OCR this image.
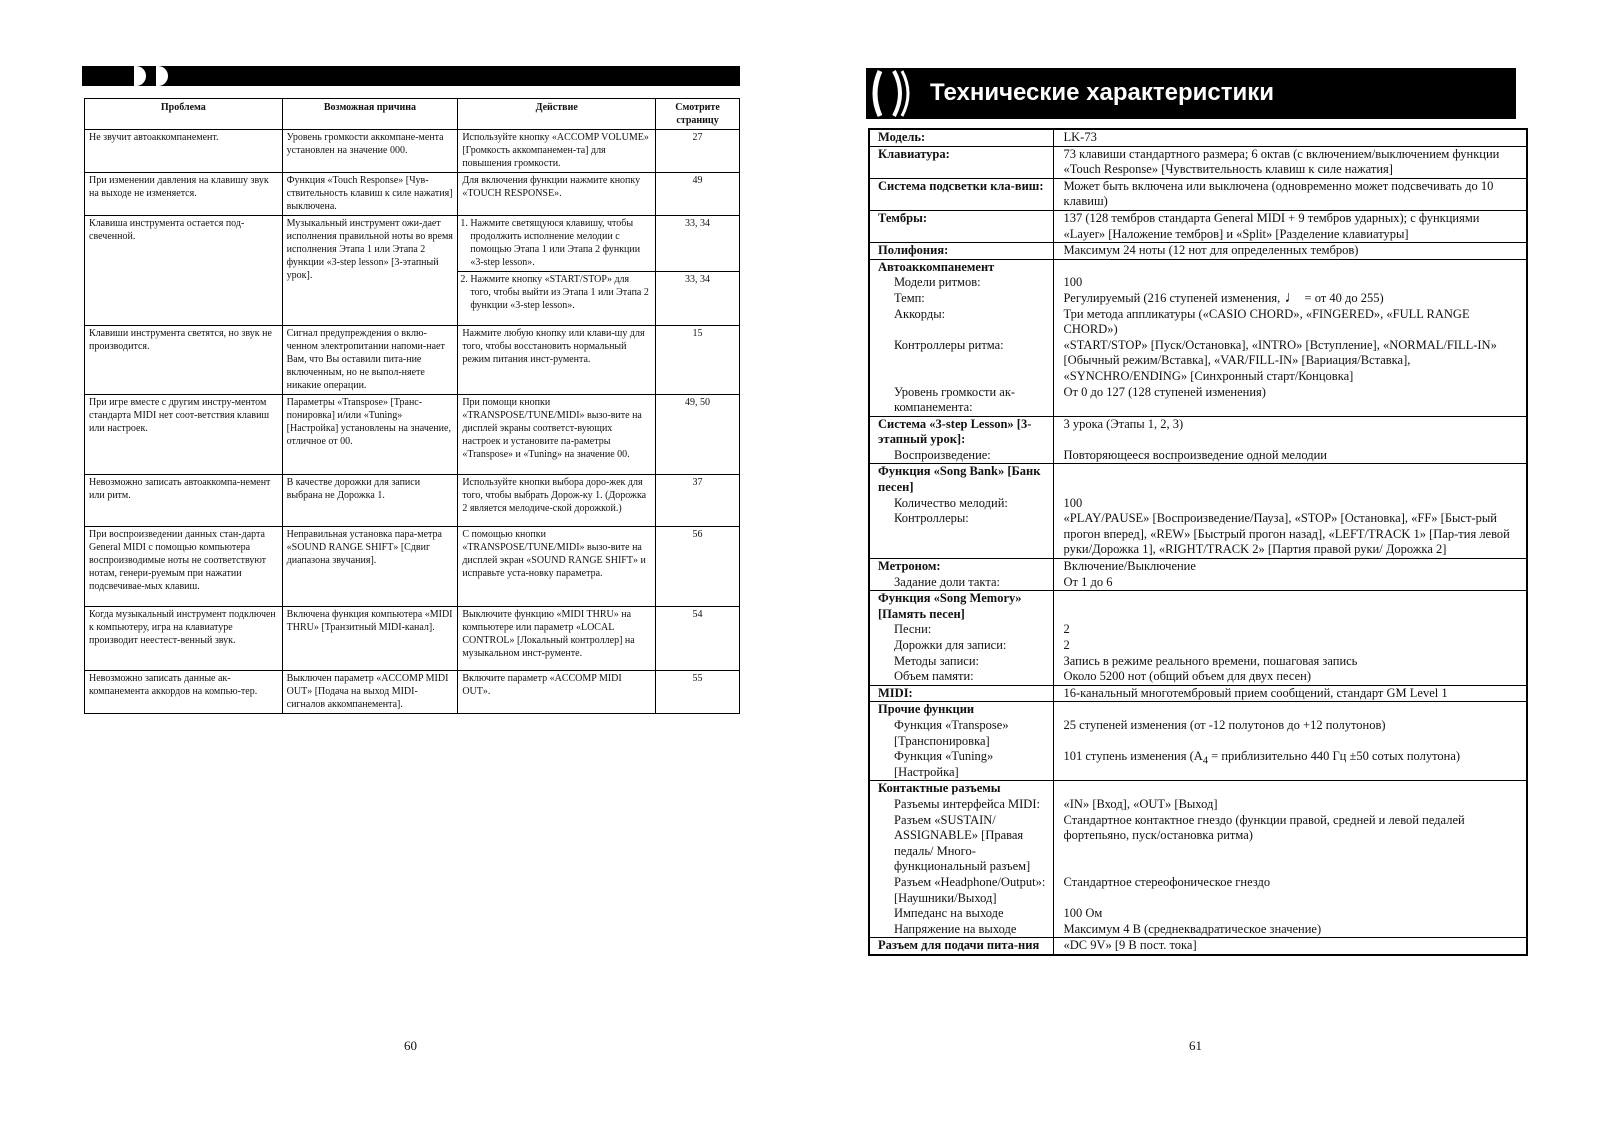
Проблема	Возможная причина	Действие	Смотрите страницу
Не звучит автоаккомпанемент.	Уровень громкости аккомпане-мента установлен на значение 000.	Используйте кнопку «ACCOMP VOLUME» [Громкость аккомпанемен-та] для повышения громкости.	27
При изменении давления на клавишу звук на выходе не изменяется.	Функция «Touch Response» [Чув-ствительность клавиш к силе нажатия] выключена.	Для включения функции нажмите кнопку «TOUCH RESPONSE».	49
Клавиша инструмента остается под-свеченной.	Музыкальный инструмент ожи-дает исполнения правильной ноты во время исполнения Этапа 1 или Этапа 2 функции «3-step lesson» [3-этапный урок].	1. Нажмите светящуюся клавишу, чтобы продолжить исполнение мелодии с помощью Этапа 1 или Этапа 2 функции «3-step lesson».	33, 34
		2. Нажмите кнопку «START/STOP» для того, чтобы выйти из Этапа 1 или Этапа 2 функции «3-step lesson».	33, 34
Клавиши инструмента светятся, но звук не производится.	Сигнал предупреждения о вклю-ченном электропитании напоми-нает Вам, что Вы оставили пита-ние включенным, но не выпол-няете никакие операции.	Нажмите любую кнопку или клави-шу для того, чтобы восстановить нормальный режим питания инст-румента.	15
При игре вместе с другим инстру-ментом стандарта MIDI нет соот-ветствия клавиш или настроек.	Параметры «Transpose» [Транс-понировка] и/или «Tuning» [Настройка] установлены на значение, отличное от 00.	При помощи кнопки «TRANSPOSE/TUNE/MIDI» вызо-вите на дисплей экраны соответст-вующих настроек и установите па-раметры «Transpose» и «Tuning» на значение 00.	49, 50
Невозможно записать автоаккомпа-немент или ритм.	В качестве дорожки для записи выбрана не Дорожка 1.	Используйте кнопки выбора доро-жек для того, чтобы выбрать Дорож-ку 1. (Дорожка 2 является мелодиче-ской дорожкой.)	37
При воспроизведении данных стан-дарта General MIDI с помощью компьютера воспроизводимые ноты не соответствуют нотам, генери-руемым при нажатии подсвечивае-мых клавиш.	Неправильная установка пара-метра «SOUND RANGE SHIFT» [Сдвиг диапазона звучания].	С помощью кнопки «TRANSPOSE/TUNE/MIDI» вызо-вите на дисплей экран «SOUND RANGE SHIFT» и исправьте уста-новку параметра.	56
Когда музыкальный инструмент подключен к компьютеру, игра на клавиатуре производит неестест-венный звук.	Включена функция компьютера «MIDI THRU» [Транзитный MIDI-канал].	Выключите функцию «MIDI THRU» на компьютере или параметр «LOCAL CONTROL» [Локальный контроллер] на музыкальном инст-рументе.	54
Невозможно записать данные ак-компанемента аккордов на компью-тер.	Выключен параметр «ACCOMP MIDI OUT» [Подача на выход MIDI-сигналов аккомпанемента].	Включите параметр «ACCOMP MIDI OUT».	55
60
Технические характеристики
Модель:	LK-73
Клавиатура:	73 клавиши стандартного размера; 6 октав (с включением/выключением функции «Touch Response» [Чувствительность клавиш к силе нажатия]
Система подсветки кла-виш:	Может быть включена или выключена (одновременно может подсвечивать до 10 клавиш)
Тембры:	137 (128 тембров стандарта General MIDI + 9 тембров ударных); с функциями «Layer» [Наложение тембров] и «Split» [Разделение клавиатуры]
Полифония:	Максимум 24 ноты (12 нот для определенных тембров)
Автоаккомпанемент	
Модели ритмов:	100
Темп:	Регулируемый (216 ступеней изменения, ♩ = от 40 до 255)
Аккорды:	Три метода аппликатуры («CASIO CHORD», «FINGERED», «FULL RANGE CHORD»)
Контроллеры ритма:	«START/STOP» [Пуск/Остановка], «INTRO» [Вступление], «NORMAL/FILL-IN» [Обычный режим/Вставка], «VAR/FILL-IN» [Вариация/Вставка], «SYNCHRO/ENDING» [Синхронный старт/Концовка]
Уровень громкости ак-компанемента:	От 0 до 127 (128 ступеней изменения)
Система «3-step Lesson» [3-этапный урок]:	3 урока (Этапы 1, 2, 3)
Воспроизведение:	Повторяющееся воспроизведение одной мелодии
Функция «Song Bank» [Банк песен]	
Количество мелодий:	100
Контроллеры:	«PLAY/PAUSE» [Воспроизведение/Пауза], «STOP» [Остановка], «FF» [Быст-рый прогон вперед], «REW» [Быстрый прогон назад], «LEFT/TRACK 1» [Пар-тия левой руки/Дорожка 1], «RIGHT/TRACK 2» [Партия правой руки/ Дорожка 2]
Метроном:	Включение/Выключение
Задание доли такта:	От 1 до 6
Функция «Song Memory» [Память песен]	
Песни:	2
Дорожки для записи:	2
Методы записи:	Запись в режиме реального времени, пошаговая запись
Объем памяти:	Около 5200 нот (общий объем для двух песен)
MIDI:	16-канальный многотембровый прием сообщений, стандарт GM Level 1
Прочие функции	
Функция «Transpose» [Транспонировка]	25 ступеней изменения (от -12 полутонов до +12 полутонов)
Функция «Tuning» [Настройка]	101 ступень изменения ($A_4$ = приблизительно 440 Гц ±50 сотых полутона)
Контактные разъемы	
Разъемы интерфейса MIDI:	«IN» [Вход], «OUT» [Выход]
Разъем «SUSTAIN/ ASSIGNABLE» [Правая педаль/ Много-функциональный разъем]	Стандартное контактное гнездо (функции правой, средней и левой педалей фортепьяно, пуск/остановка ритма)
Разъем «Headphone/Output»: [Наушники/Выход]	Стандартное стереофоническое гнездо
Импеданс на выходе	100 Ом
Напряжение на выходе	Максимум 4 В (среднеквадратическое значение)
Разъем для подачи пита-ния	«DC 9V» [9 В пост. тока]
61
